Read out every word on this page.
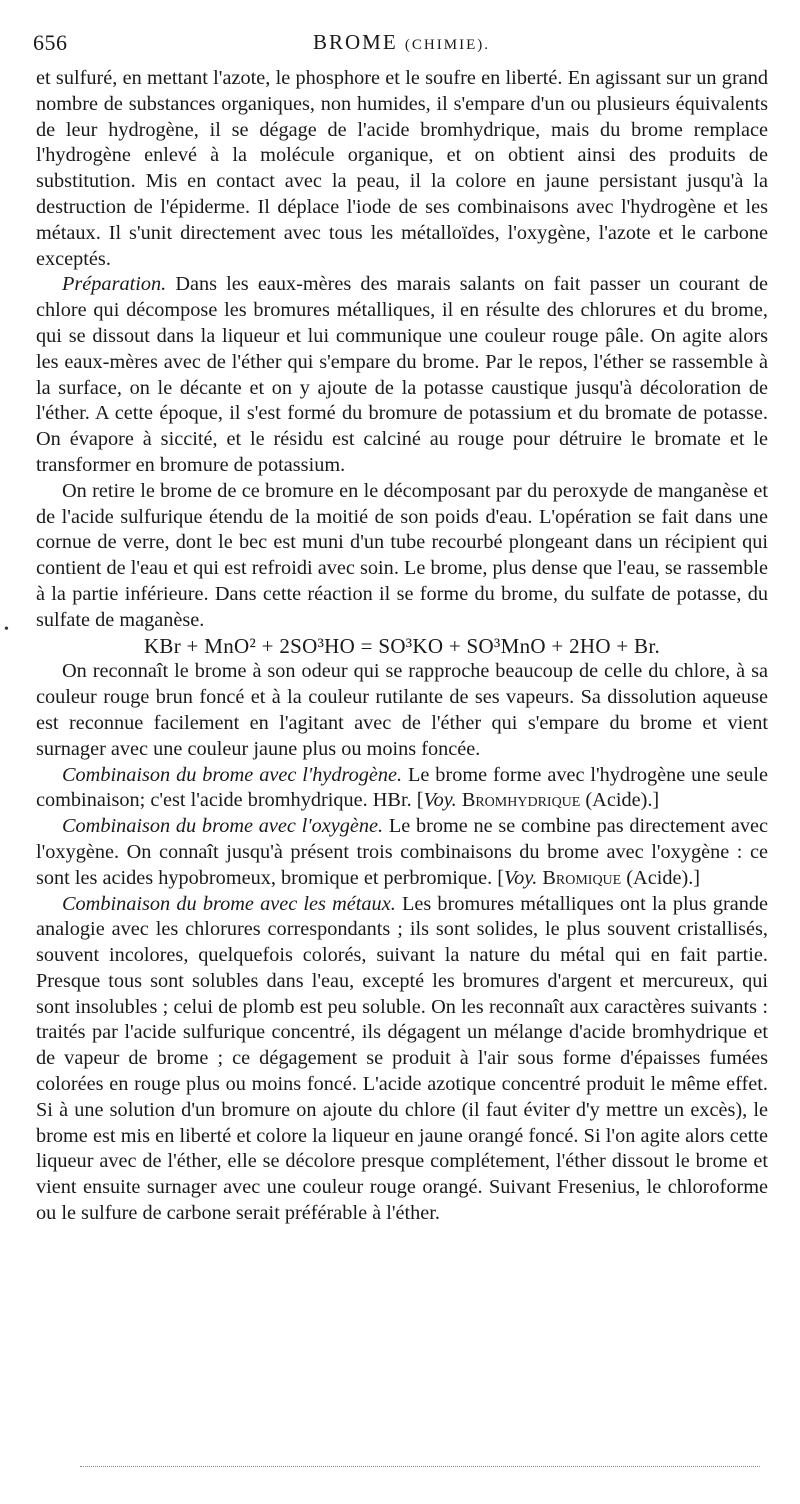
656	BROME (CHIMIE).
•

et sulfuré, en mettant l'azote, le phosphore et le soufre en liberté. En agissant sur un grand nombre de substances organiques, non humides, il s'empare d'un ou plusieurs équivalents de leur hydrogène, il se dégage de l'acide bromhydrique, mais du brome remplace l'hydrogène enlevé à la molécule organique, et on obtient ainsi des produits de substitution. Mis en contact avec la peau, il la colore en jaune persistant jusqu'à la destruction de l'épiderme. Il déplace l'iode de ses combinaisons avec l'hydrogène et les métaux. Il s'unit directement avec tous les métalloïdes, l'oxygène, l'azote et le carbone exceptés.

Préparation. Dans les eaux-mères des marais salants on fait passer un courant de chlore qui décompose les bromures métalliques, il en résulte des chlorures et du brome, qui se dissout dans la liqueur et lui communique une couleur rouge pâle. On agite alors les eaux-mères avec de l'éther qui s'empare du brome. Par le repos, l'éther se rassemble à la surface, on le décante et on y ajoute de la potasse caustique jusqu'à décoloration de l'éther. A cette époque, il s'est formé du bromure de potassium et du bromate de potasse. On évapore à siccité, et le résidu est calciné au rouge pour détruire le bromate et le transformer en bromure de potassium.

On retire le brome de ce bromure en le décomposant par du peroxyde de manganèse et de l'acide sulfurique étendu de la moitié de son poids d'eau. L'opération se fait dans une cornue de verre, dont le bec est muni d'un tube recourbé plongeant dans un récipient qui contient de l'eau et qui est refroidi avec soin. Le brome, plus dense que l'eau, se rassemble à la partie inférieure. Dans cette réaction il se forme du brome, du sulfate de potasse, du sulfate de maganèse.

KBr + MnO² + 2SO³HO = SO³KO + SO³MnO + 2HO + Br.

On reconnaît le brome à son odeur qui se rapproche beaucoup de celle du chlore, à sa couleur rouge brun foncé et à la couleur rutilante de ses vapeurs. Sa dissolution aqueuse est reconnue facilement en l'agitant avec de l'éther qui s'empare du brome et vient surnager avec une couleur jaune plus ou moins foncée.

Combinaison du brome avec l'hydrogène. Le brome forme avec l'hydrogène une seule combinaison; c'est l'acide bromhydrique. HBr. [Voy. Bromhydrique (Acide).]

Combinaison du brome avec l'oxygène. Le brome ne se combine pas directement avec l'oxygène. On connaît jusqu'à présent trois combinaisons du brome avec l'oxygène : ce sont les acides hypobromeux, bromique et perbromique. [Voy. Bromique (Acide).]

Combinaison du brome avec les métaux. Les bromures métalliques ont la plus grande analogie avec les chlorures correspondants ; ils sont solides, le plus souvent cristallisés, souvent incolores, quelquefois colorés, suivant la nature du métal qui en fait partie. Presque tous sont solubles dans l'eau, excepté les bromures d'argent et mercureux, qui sont insolubles ; celui de plomb est peu soluble. On les reconnaît aux caractères suivants : traités par l'acide sulfurique concentré, ils dégagent un mélange d'acide bromhydrique et de vapeur de brome ; ce dégagement se produit à l'air sous forme d'épaisses fumées colorées en rouge plus ou moins foncé. L'acide azotique concentré produit le même effet. Si à une solution d'un bromure on ajoute du chlore (il faut éviter d'y mettre un excès), le brome est mis en liberté et colore la liqueur en jaune orangé foncé. Si l'on agite alors cette liqueur avec de l'éther, elle se décolore presque complétement, l'éther dissout le brome et vient ensuite surnager avec une couleur rouge orangé. Suivant Fresenius, le chloroforme ou le sulfure de carbone serait préférable à l'éther.
